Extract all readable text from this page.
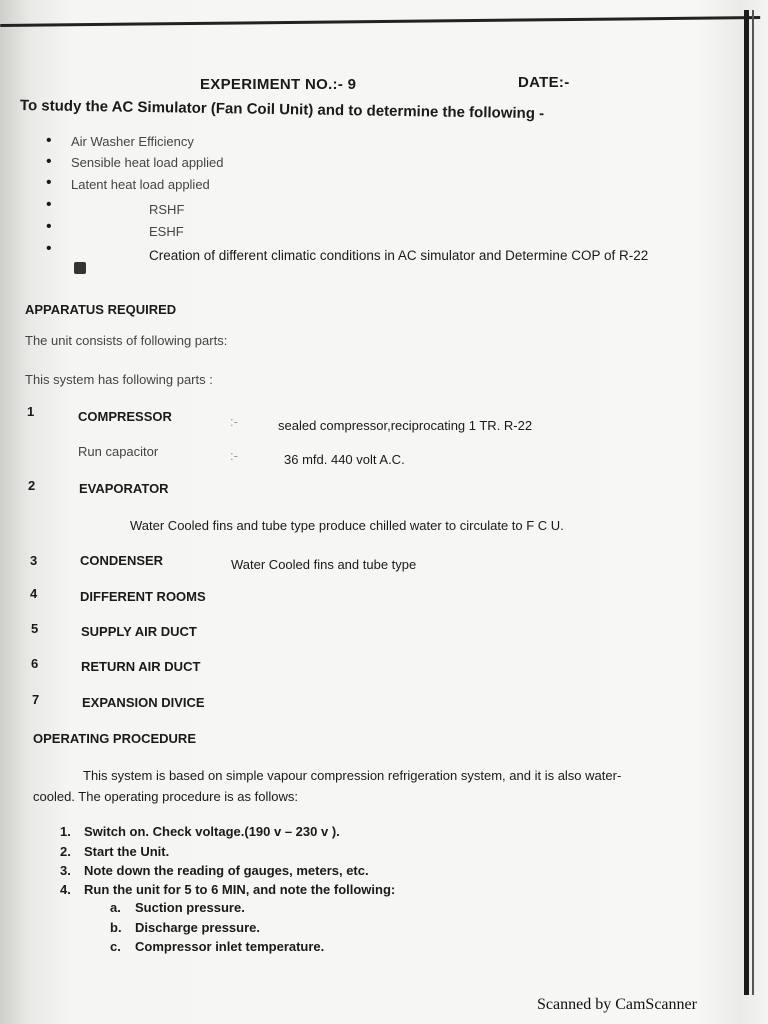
EXPERIMENT NO.:- 9	DATE:-
To study the AC Simulator (Fan Coil Unit) and to determine the following -
• Air Washer Efficiency
• Sensible heat load applied
• Latent heat load applied
•	RSHF
•	ESHF
•	Creation of different climatic conditions in AC simulator and Determine COP of R-22
APPARATUS REQUIRED
The unit consists of following parts:
This system has following parts :
1	COMPRESSOR	:-	sealed compressor,reciprocating 1 TR. R-22
Run capacitor	:-	36 mfd. 440 volt A.C.
2	EVAPORATOR
Water Cooled fins and tube type produce chilled water to circulate to F C U.
3	CONDENSER	Water Cooled fins and tube type
4	DIFFERENT ROOMS
5	SUPPLY AIR DUCT
6	RETURN AIR DUCT
7	EXPANSION DIVICE
OPERATING PROCEDURE
This system is based on simple vapour compression refrigeration system, and it is also water-
cooled. The operating procedure is as follows:
1. Switch on. Check voltage.(190 v – 230 v ).
2. Start the Unit.
3. Note down the reading of gauges, meters, etc.
4. Run the unit for 5 to 6 MIN, and note the following:
a. Suction pressure.
b. Discharge pressure.
c. Compressor inlet temperature.
Scanned by CamScanner
